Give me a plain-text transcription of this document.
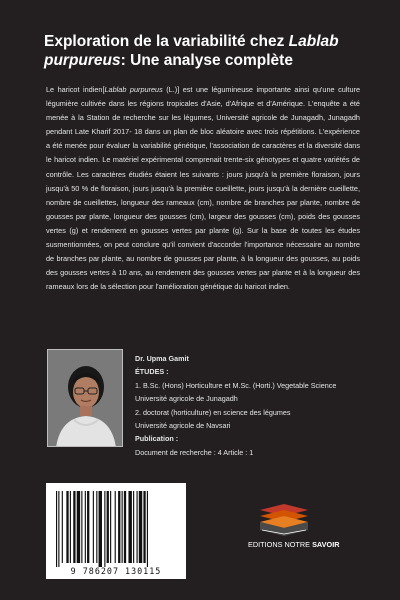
Exploration de la variabilité chez Lablab purpureus: Une analyse complète
Le haricot indien[Lablab purpureus (L.)] est une légumineuse importante ainsi qu'une culture légumière cultivée dans les régions tropicales d'Asie, d'Afrique et d'Amérique. L'enquête a été menée à la Station de recherche sur les légumes, Université agricole de Junagadh, Junagadh pendant Late Kharif 2017- 18 dans un plan de bloc aléatoire avec trois répétitions. L'expérience a été menée pour évaluer la variabilité génétique, l'association de caractères et la diversité dans le haricot indien. Le matériel expérimental comprenait trente-six génotypes et quatre variétés de contrôle. Les caractères étudiés étaient les suivants : jours jusqu'à la première floraison, jours jusqu'à 50 % de floraison, jours jusqu'à la première cueillette, jours jusqu'à la dernière cueillette, nombre de cueillettes, longueur des rameaux (cm), nombre de branches par plante, nombre de gousses par plante, longueur des gousses (cm), largeur des gousses (cm), poids des gousses vertes (g) et rendement en gousses vertes par plante (g). Sur la base de toutes les études susmentionnées, on peut conclure qu'il convient d'accorder l'importance nécessaire au nombre de branches par plante, au nombre de gousses par plante, à la longueur des gousses, au poids des gousses vertes à 10 ans, au rendement des gousses vertes par plante et à la longueur des rameaux lors de la sélection pour l'amélioration génétique du haricot indien.
Dr. Upma Gamit
ÉTUDES :
1. B.Sc. (Hons) Horticulture et M.Sc. (Horti.) Vegetable Science
Université agricole de Junagadh
2. doctorat (horticulture) en science des légumes
Université agricole de Navsari
Publication :
Document de recherche : 4 Article : 1
9 786207 130115
EDITIONS NOTRE SAVOIR
